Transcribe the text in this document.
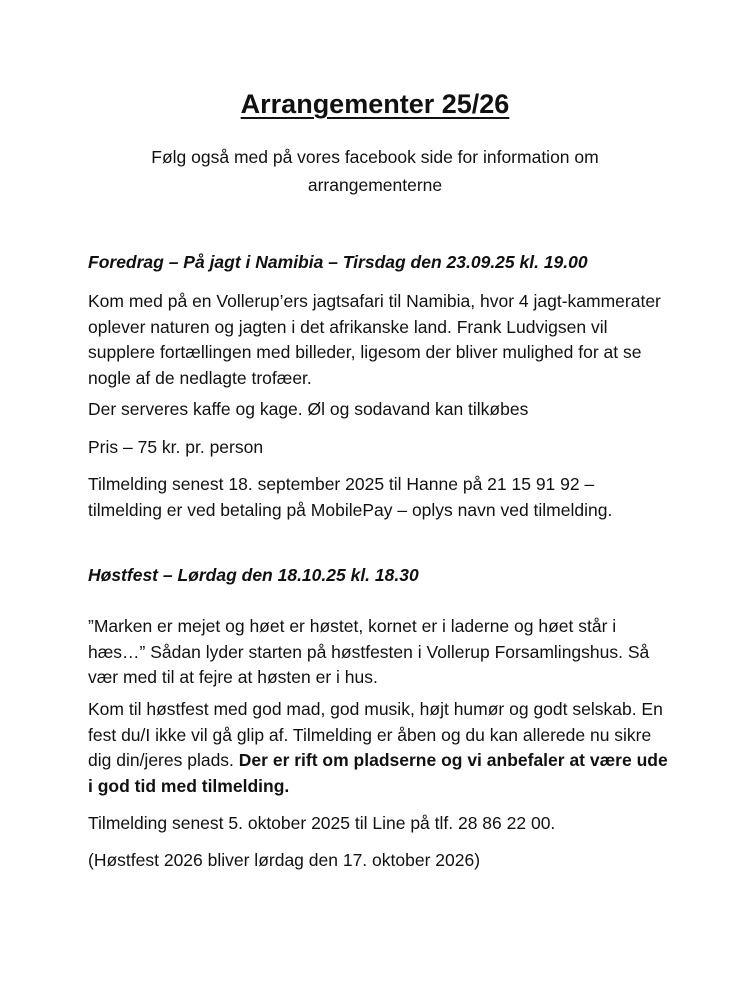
Arrangementer 25/26
Følg også med på vores facebook side for information om arrangementerne

Foredrag – På jagt i Namibia – Tirsdag den 23.09.25 kl. 19.00

Kom med på en Vollerup’ers jagtsafari til Namibia, hvor 4 jagt-kammerater oplever naturen og jagten i det afrikanske land. Frank Ludvigsen vil supplere fortællingen med billeder, ligesom der bliver mulighed for at se nogle af de nedlagte trofæer.

Der serveres kaffe og kage. Øl og sodavand kan tilkøbes

Pris – 75 kr. pr. person

Tilmelding senest 18. september 2025 til Hanne på 21 15 91 92 – tilmelding er ved betaling på MobilePay – oplys navn ved tilmelding.

Høstfest – Lørdag den 18.10.25 kl. 18.30

”Marken er mejet og høet er høstet, kornet er i laderne og høet står i hæs…” Sådan lyder starten på høstfesten i Vollerup Forsamlingshus. Så vær med til at fejre at høsten er i hus.

Kom til høstfest med god mad, god musik, højt humør og godt selskab. En fest du/I ikke vil gå glip af. Tilmelding er åben og du kan allerede nu sikre dig din/jeres plads. Der er rift om pladserne og vi anbefaler at være ude i god tid med tilmelding.

Tilmelding senest 5. oktober 2025 til Line på tlf. 28 86 22 00.

(Høstfest 2026 bliver lørdag den 17. oktober 2026)
